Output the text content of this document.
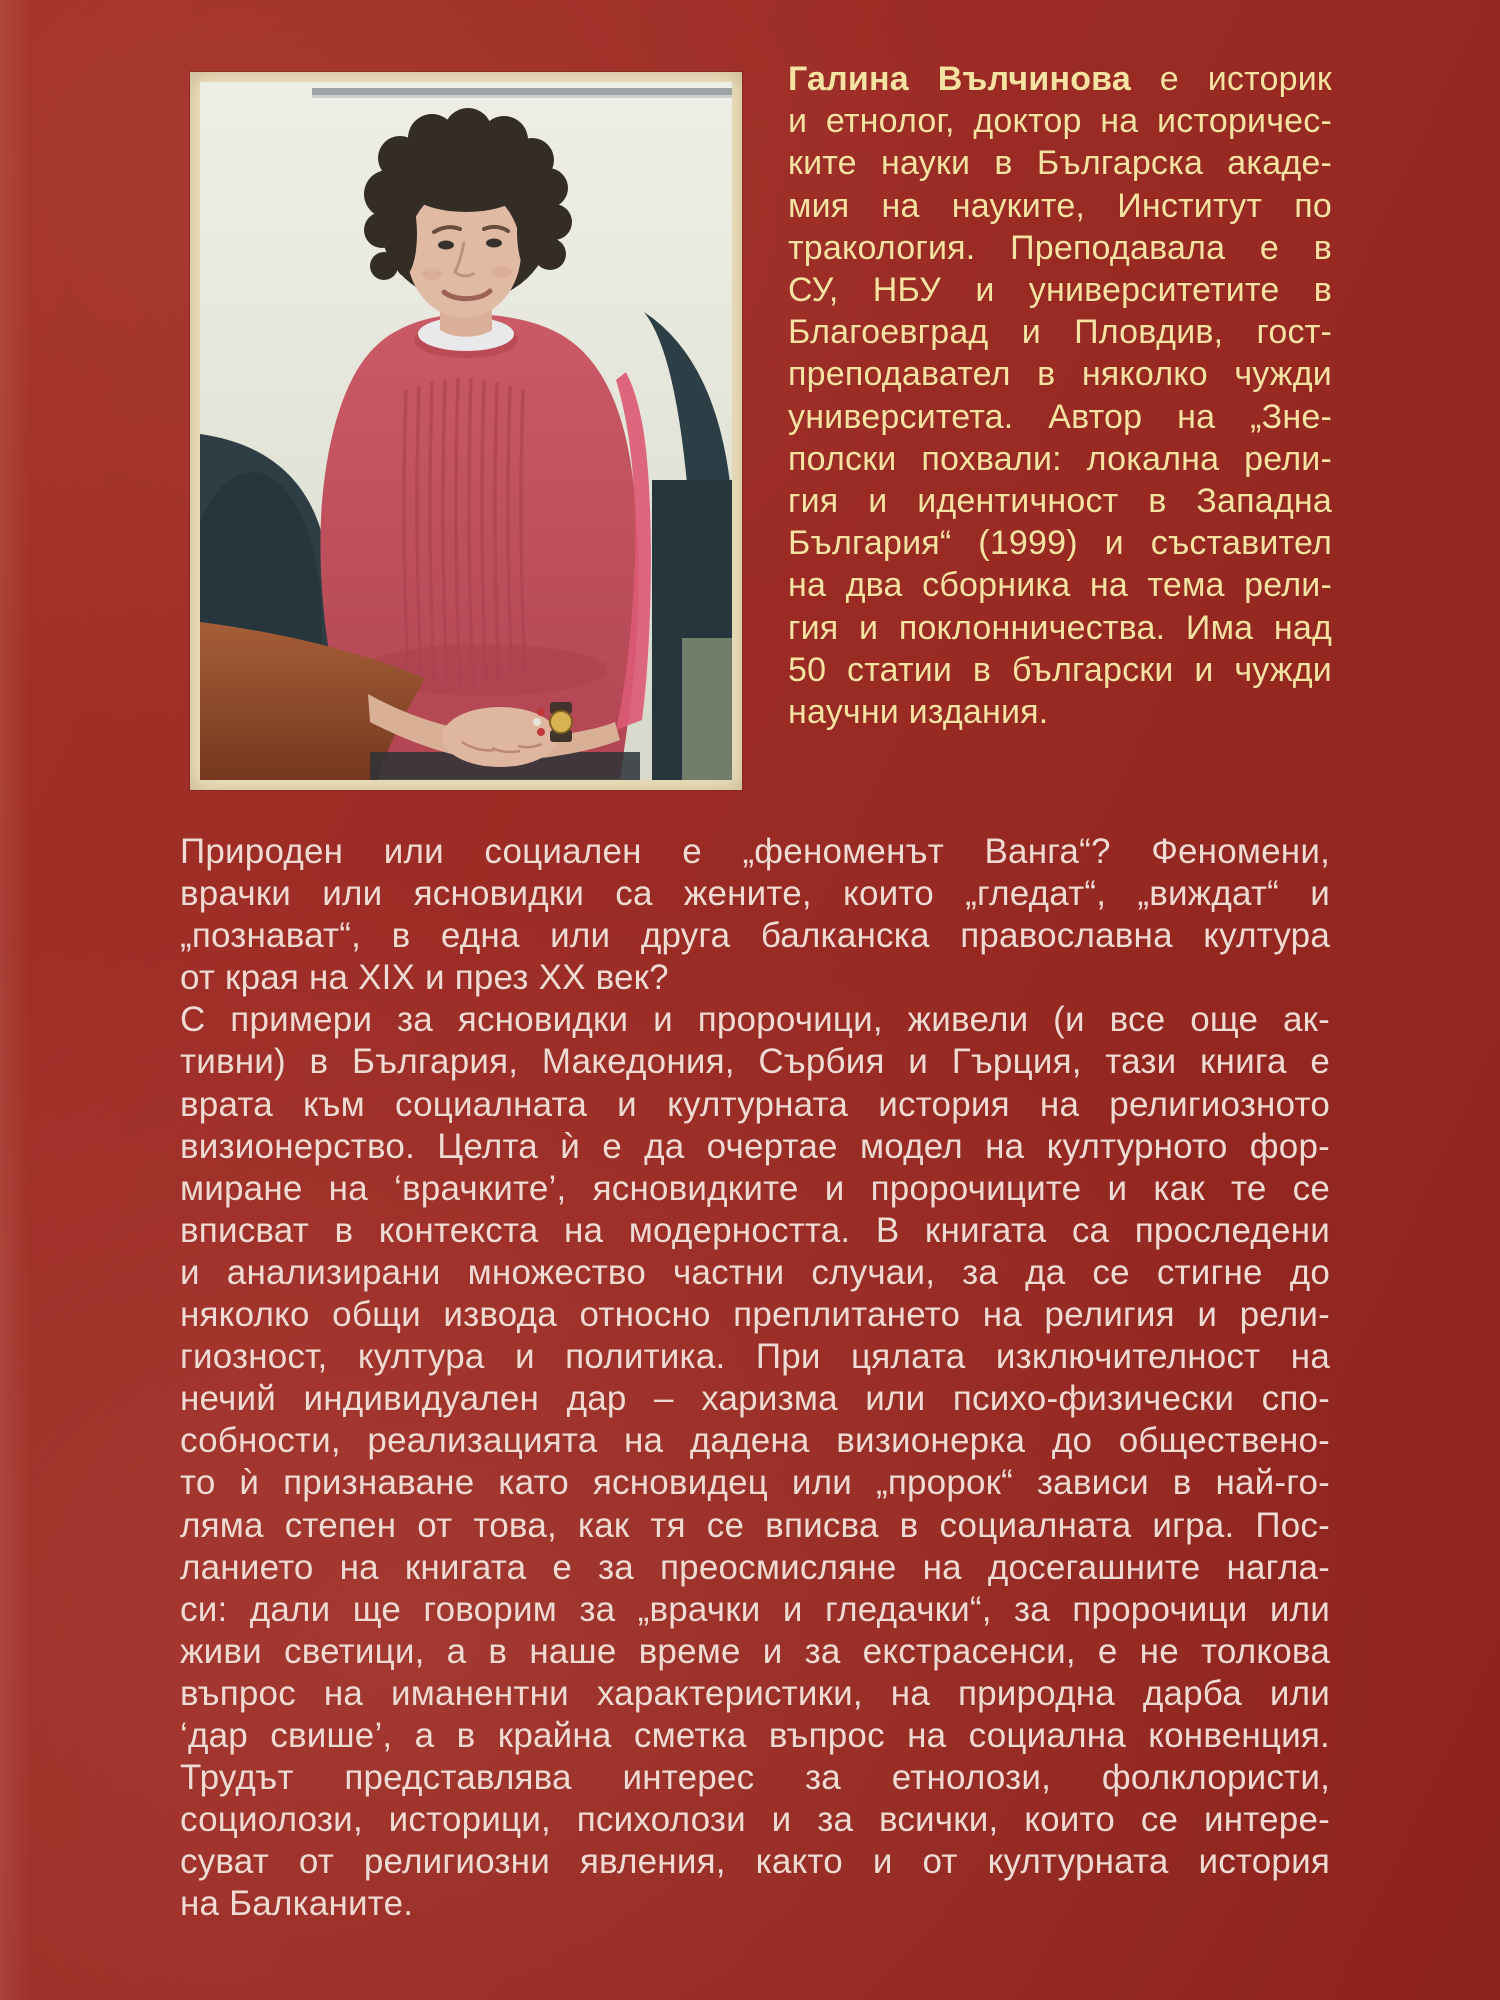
Галина Вълчинова е историк
и етнолог, доктор на историчес-
ките науки в Българска акаде-
мия на науките, Институт по
тракология. Преподавала е в
СУ, НБУ и университетите в
Благоевград и Пловдив, гост-
преподавател в няколко чужди
университета. Автор на „Зне-
полски похвали: локална рели-
гия и идентичност в Западна
България“ (1999) и съставител
на два сборника на тема рели-
гия и поклонничества. Има над
50 статии в български и чужди
научни издания.
Природен или социален е „феноменът Ванга“? Феномени,
врачки или ясновидки са жените, които „гледат“, „виждат“ и
„познават“, в една или друга балканска православна култура
от края на XIX и през XX век?
С примери за ясновидки и пророчици, живели (и все още ак-
тивни) в България, Македония, Сърбия и Гърция, тази книга е
врата към социалната и културната история на религиозното
визионерство. Целта ѝ е да очертае модел на културното фор-
миране на ‘врачките’, ясновидките и пророчиците и как те се
вписват в контекста на модерността. В книгата са проследени
и анализирани множество частни случаи, за да се стигне до
няколко общи извода относно преплитането на религия и рели-
гиозност, култура и политика. При цялата изключителност на
нечий индивидуален дар – харизма или психо-физически спо-
собности, реализацията на дадена визионерка до обществено-
то ѝ признаване като ясновидец или „пророк“ зависи в най-го-
ляма степен от това, как тя се вписва в социалната игра. Пос-
ланието на книгата е за преосмисляне на досегашните нагла-
си: дали ще говорим за „врачки и гледачки“, за пророчици или
живи светици, а в наше време и за екстрасенси, е не толкова
въпрос на иманентни характеристики, на природна дарба или
‘дар свише’, а в крайна сметка въпрос на социална конвенция.
Трудът представлява интерес за етнолози, фолклористи,
социолози, историци, психолози и за всички, които се интере-
суват от религиозни явления, както и от културната история
на Балканите.
